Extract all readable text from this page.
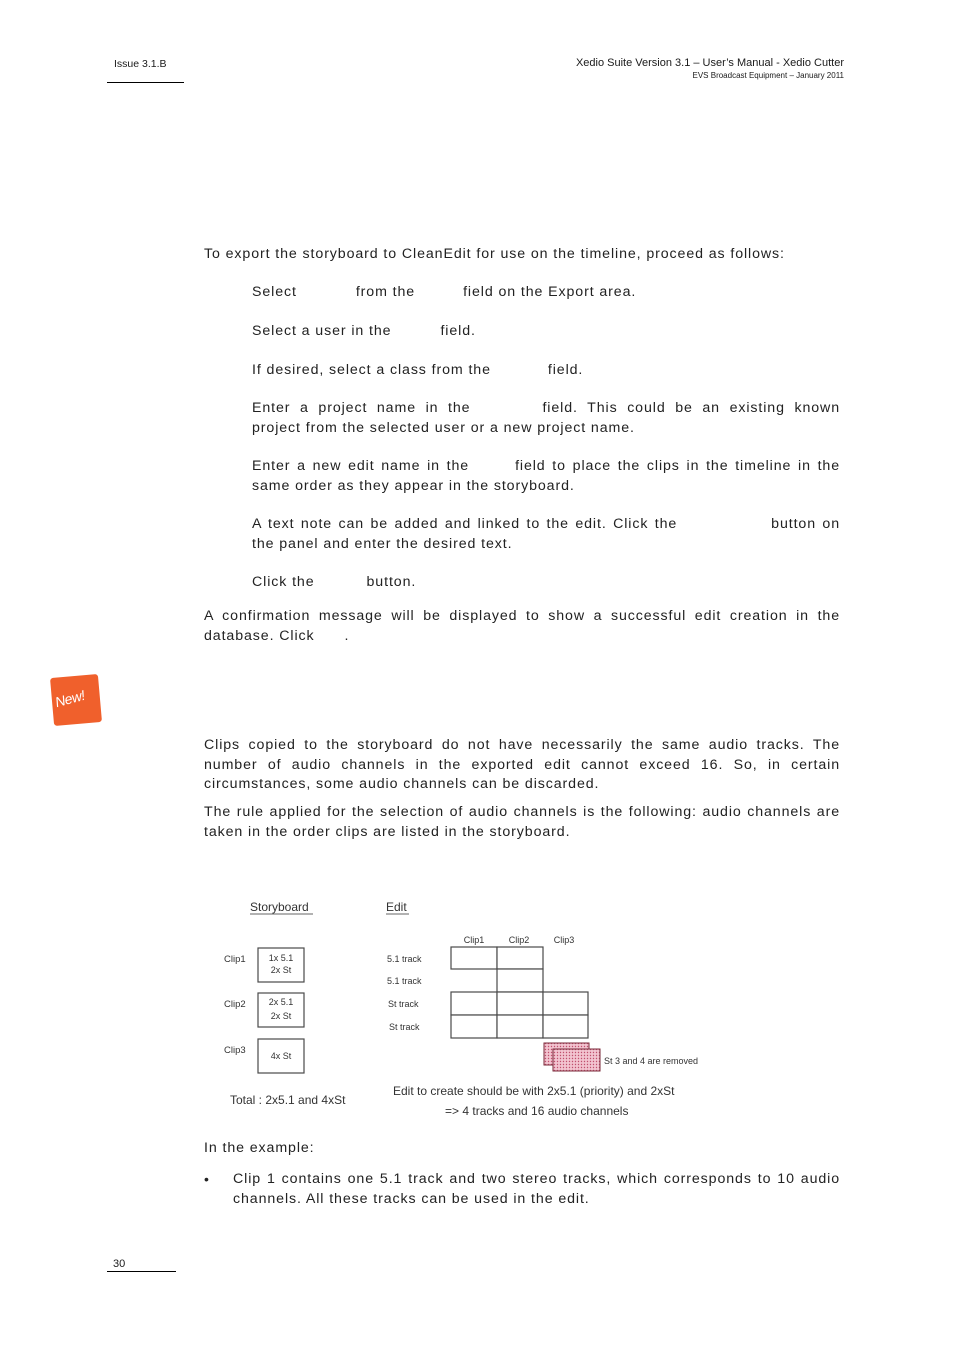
Issue 3.1.B	Xedio Suite Version 3.1 – User’s Manual - Xedio Cutter
EVS Broadcast Equipment – January 2011
To export the storyboard to CleanEdit for use on the timeline, proceed as follows:
Select	from the	field on the Export area.
Select a user in the	field.
If desired, select a class from the	field.
Enter a project name in the	field. This could be an existing known project from the selected user or a new project name.
Enter a new edit name in the	field to place the clips in the timeline in the same order as they appear in the storyboard.
A text note can be added and linked to the edit. Click the	button on the panel and enter the desired text.
Click the	button.
A confirmation message will be displayed to show a successful edit creation in the database. Click .
New!
Clips copied to the storyboard do not have necessarily the same audio tracks. The number of audio channels in the exported edit cannot exceed 16. So, in certain circumstances, some audio channels can be discarded.
The rule applied for the selection of audio channels is the following: audio channels are taken in the order clips are listed in the storyboard.
Storyboard	Edit
Clip1
Clip2
Clip3
1x 5.1
2x St
2x 5.1
2x St
4x St
Clip1	Clip2	Clip3
5.1 track
5.1 track
St track
St track
St 3 and 4 are removed
Total : 2x5.1 and 4xSt
Edit to create should be with 2x5.1 (priority) and 2xSt
=> 4 tracks and 16 audio channels
In the example:
• Clip 1 contains one 5.1 track and two stereo tracks, which corresponds to 10 audio channels. All these tracks can be used in the edit.
30
